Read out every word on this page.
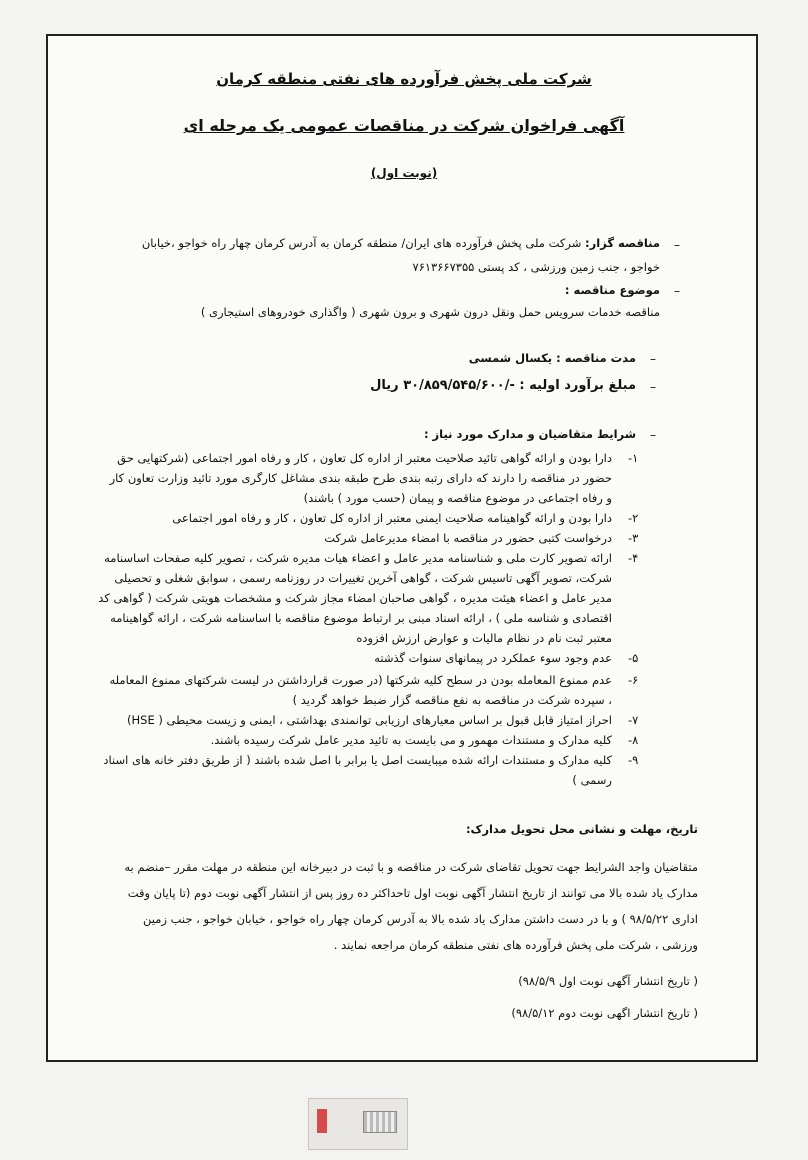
شرکت ملی پخش فرآورده های نفتی منطقه کرمان
آگهی فراخوان شرکت در مناقصات عمومی یک مرحله ای
(نوبت اول)
–
مناقصه گزار: شرکت ملی پخش فرآورده های ایران/ منطقه کرمان به آدرس کرمان چهار راه خواجو ،خیابان
خواجو ، جنب زمین ورزشی ، کد پستی ۷۶۱۳۶۶۷۳۵۵
–
موضوع مناقصه :
مناقصه خدمات سرویس حمل ونقل درون شهری و برون شهری ( واگذاری خودروهای استیجاری )
–
مدت مناقصه : یکسال شمسی
–
مبلغ برآورد اولیه : -/۳۰/۸۵۹/۵۴۵/۶۰۰ ریال
–
شرایط متقاضیان و مدارک مورد نیاز :
۱-
دارا بودن و ارائه گواهی تائید صلاحیت معتبر از اداره کل تعاون ، کار و رفاه امور اجتماعی (شرکتهایی حق
حضور در مناقصه را دارند که دارای رتبه بندی طرح طبقه بندی مشاغل کارگری مورد تائید وزارت تعاون کار
و رفاه اجتماعی در موضوع مناقصه و پیمان (حسب مورد ) باشند)
۲-
دارا بودن و ارائه گواهینامه صلاحیت ایمنی معتبر از اداره کل تعاون ، کار و رفاه امور اجتماعی
۳-
درخواست کتبی حضور در مناقصه با امضاء مدیرعامل شرکت
۴-
ارائه تصویر کارت ملی و شناسنامه مدیر عامل و اعضاء هیات مدیره شرکت ، تصویر کلیه صفحات اساسنامه
شرکت، تصویر آگهی تاسیس شرکت ، گواهی آخرین تغییرات در روزنامه رسمی ، سوابق شغلی و تحصیلی
مدیر عامل و اعضاء هیئت مدیره ، گواهی صاحبان امضاء مجاز شرکت و مشخصات هویتی شرکت ( گواهی کد
اقتصادی و شناسه ملی ) ، ارائه اسناد مبنی بر ارتباط موضوع مناقصه با اساسنامه شرکت ، ارائه گواهینامه
معتبر ثبت نام در نظام مالیات و عوارض ارزش افزوده
۵-
عدم وجود سوء عملکرد در پیمانهای سنوات گذشته
۶-
عدم ممنوع المعامله بودن در سطح کلیه شرکتها (در صورت قرارداشتن در لیست شرکتهای ممنوع المعامله
، سپرده شرکت در مناقصه به نفع مناقصه گزار ضبط خواهد گردید )
۷-
احراز امتیاز قابل قبول بر اساس معیارهای ارزیابی توانمندی بهداشتی ، ایمنی و زیست محیطی ( HSE)
۸-
کلیه مدارک و مستندات مهمور و می بایست به تائید مدیر عامل شرکت رسیده باشند.
۹-
کلیه مدارک و مستندات ارائه شده میبایست اصل یا برابر با اصل شده باشند ( از طریق دفتر خانه های اسناد
رسمی )
تاریخ، مهلت و نشانی محل تحویل مدارک:
متقاضیان واجد الشرایط جهت تحویل تقاضای شرکت در مناقصه و با ثبت در دبیرخانه این منطقه در مهلت مقرر –منضم به
مدارک یاد شده بالا می توانند از تاریخ انتشار آگهی نوبت اول تاحداکثر ده روز پس از انتشار آگهی نوبت دوم (تا پایان وقت
اداری ۹۸/۵/۲۲ ) و با در دست داشتن مدارک یاد شده بالا به آدرس کرمان چهار راه خواجو ، خیابان خواجو ، جنب زمین
ورزشی ، شرکت ملی پخش فرآورده های نفتی منطقه کرمان مراجعه نمایند .
( تاریخ انتشار آگهی نوبت اول ۹۸/۵/۹)
( تاریخ انتشار اگهی نوبت دوم ۹۸/۵/۱۲)
